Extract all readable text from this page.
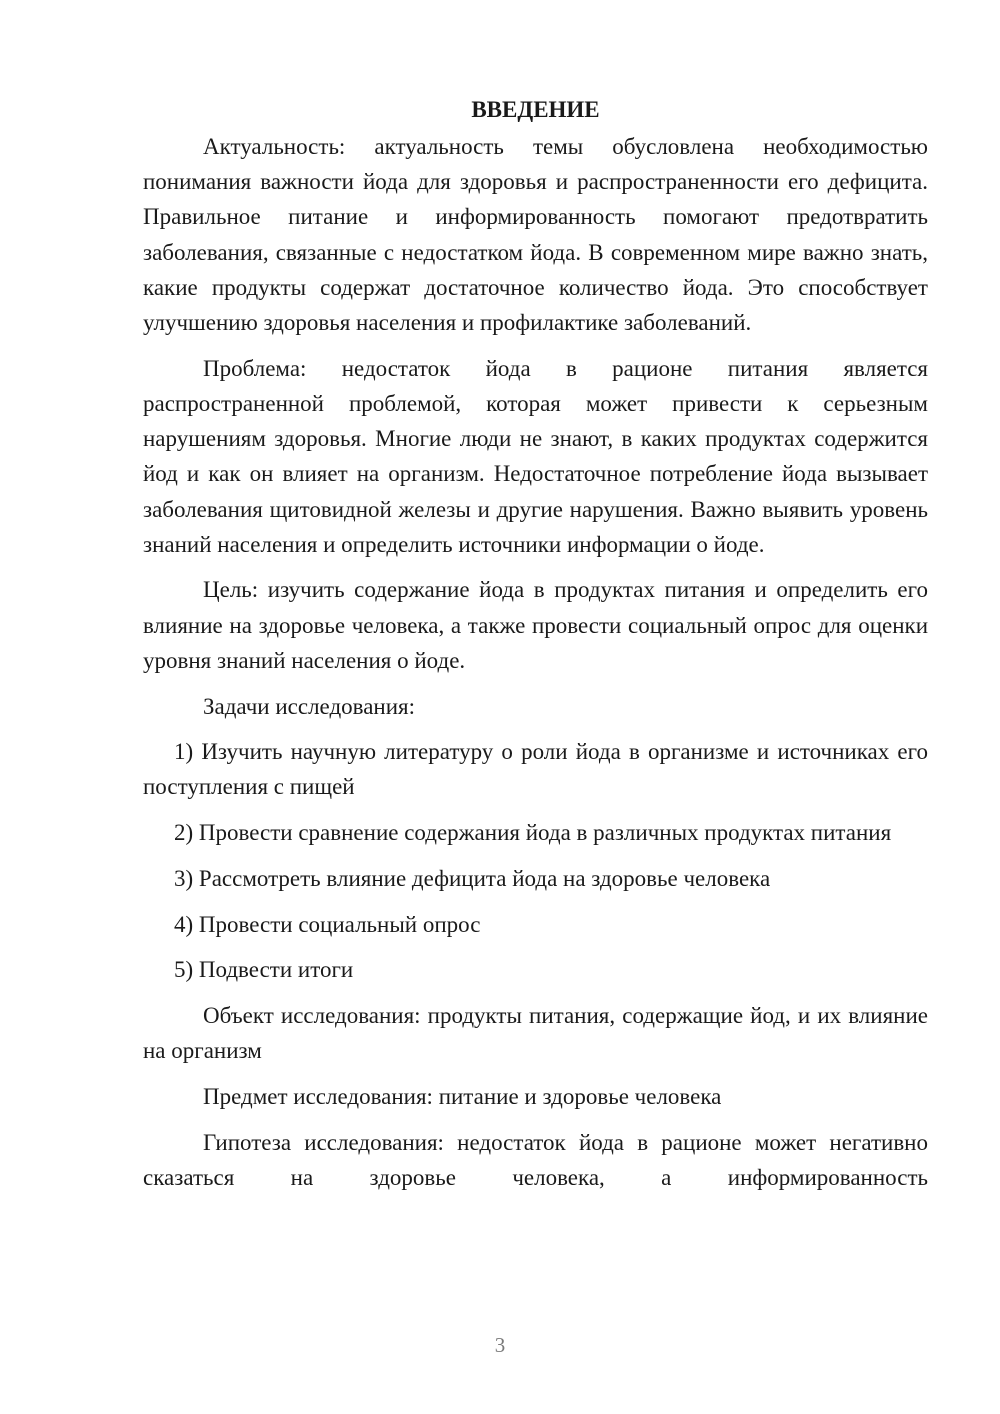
ВВЕДЕНИЕ

Актуальность: актуальность темы обусловлена необходимостью понимания важности йода для здоровья и распространенности его дефицита. Правильное питание и информированность помогают предотвратить заболевания, связанные с недостатком йода. В современном мире важно знать, какие продукты содержат достаточное количество йода. Это способствует улучшению здоровья населения и профилактике заболеваний.

Проблема: недостаток йода в рационе питания является распространенной проблемой, которая может привести к серьезным нарушениям здоровья. Многие люди не знают, в каких продуктах содержится йод и как он влияет на организм. Недостаточное потребление йода вызывает заболевания щитовидной железы и другие нарушения. Важно выявить уровень знаний населения и определить источники информации о йоде.

Цель: изучить содержание йода в продуктах питания и определить его влияние на здоровье человека, а также провести социальный опрос для оценки уровня знаний населения о йоде.

Задачи исследования:

1) Изучить научную литературу о роли йода в организме и источниках его поступления с пищей

2) Провести сравнение содержания йода в различных продуктах питания

3) Рассмотреть влияние дефицита йода на здоровье человека

4) Провести социальный опрос

5) Подвести итоги

Объект исследования: продукты питания, содержащие йод, и их влияние на организм

Предмет исследования: питание и здоровье человека

Гипотеза исследования: недостаток йода в рационе может негативно сказаться на здоровье человека, а информированность

3
